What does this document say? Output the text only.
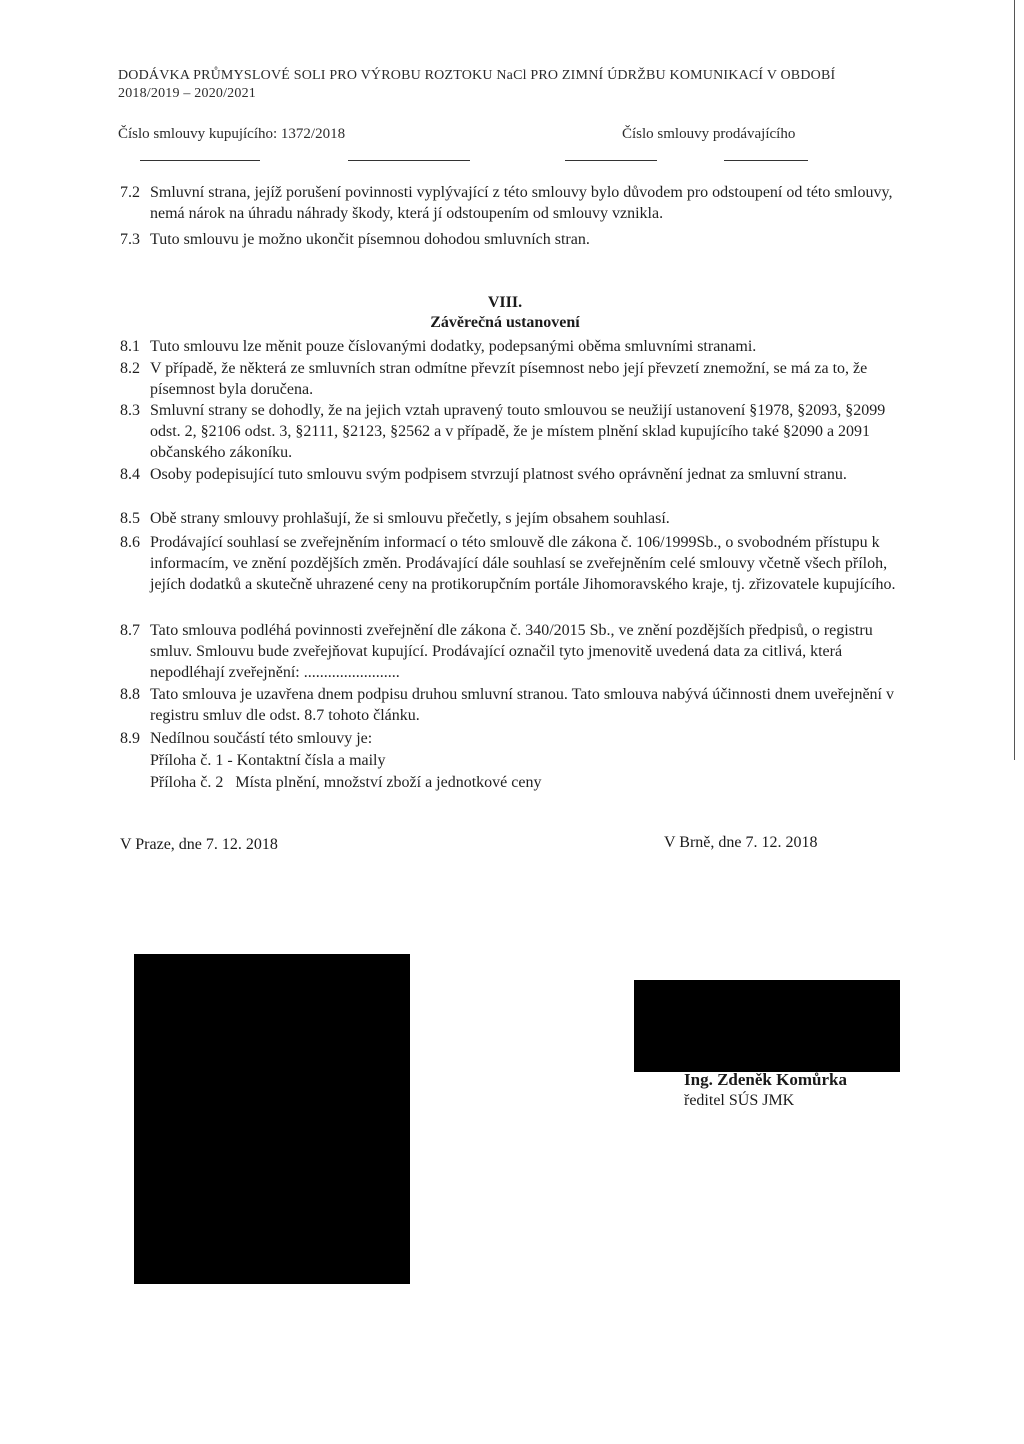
DODÁVKA PRŮMYSLOVÉ SOLI PRO VÝROBU ROZTOKU NaCl PRO ZIMNÍ ÚDRŽBU KOMUNIKACÍ V OBDOBÍ
2018/2019 – 2020/2021
Číslo smlouvy kupujícího: 1372/2018	Číslo smlouvy prodávajícího
7.2 Smluvní strana, jejíž porušení povinnosti vyplývající z této smlouvy bylo důvodem pro odstoupení od této smlouvy, nemá nárok na úhradu náhrady škody, která jí odstoupením od smlouvy vznikla.
7.3 Tuto smlouvu je možno ukončit písemnou dohodou smluvních stran.
VIII.
Závěrečná ustanovení
8.1 Tuto smlouvu lze měnit pouze číslovanými dodatky, podepsanými oběma smluvními stranami.
8.2 V případě, že některá ze smluvních stran odmítne převzít písemnost nebo její převzetí znemožní, se má za to, že písemnost byla doručena.
8.3 Smluvní strany se dohodly, že na jejich vztah upravený touto smlouvou se neužijí ustanovení §1978, §2093, §2099 odst. 2, §2106 odst. 3, §2111, §2123, §2562 a v případě, že je místem plnění sklad kupujícího také §2090 a 2091 občanského zákoníku.
8.4 Osoby podepisující tuto smlouvu svým podpisem stvrzují platnost svého oprávnění jednat za smluvní stranu.
8.5 Obě strany smlouvy prohlašují, že si smlouvu přečetly, s jejím obsahem souhlasí.
8.6 Prodávající souhlasí se zveřejněním informací o této smlouvě dle zákona č. 106/1999Sb., o svobodném přístupu k informacím, ve znění pozdějších změn. Prodávající dále souhlasí se zveřejněním celé smlouvy včetně všech příloh, jejích dodatků a skutečně uhrazené ceny na protikorupčním portále Jihomoravského kraje, tj. zřizovatele kupujícího.
8.7 Tato smlouva podléhá povinnosti zveřejnění dle zákona č. 340/2015 Sb., ve znění pozdějších předpisů, o registru smluv. Smlouvu bude zveřejňovat kupující. Prodávající označil tyto jmenovitě uvedená data za citlivá, která nepodléhají zveřejnění: ........................
8.8 Tato smlouva je uzavřena dnem podpisu druhou smluvní stranou. Tato smlouva nabývá účinnosti dnem uveřejnění v registru smluv dle odst. 8.7 tohoto článku.
8.9 Nedílnou součástí této smlouvy je:
Příloha č. 1 - Kontaktní čísla a maily
Příloha č. 2   Místa plnění, množství zboží a jednotkové ceny
V Praze, dne 7. 12. 2018	V Brně, dne 7. 12. 2018
Ing. Zdeněk Komůrka
ředitel SÚS JMK
